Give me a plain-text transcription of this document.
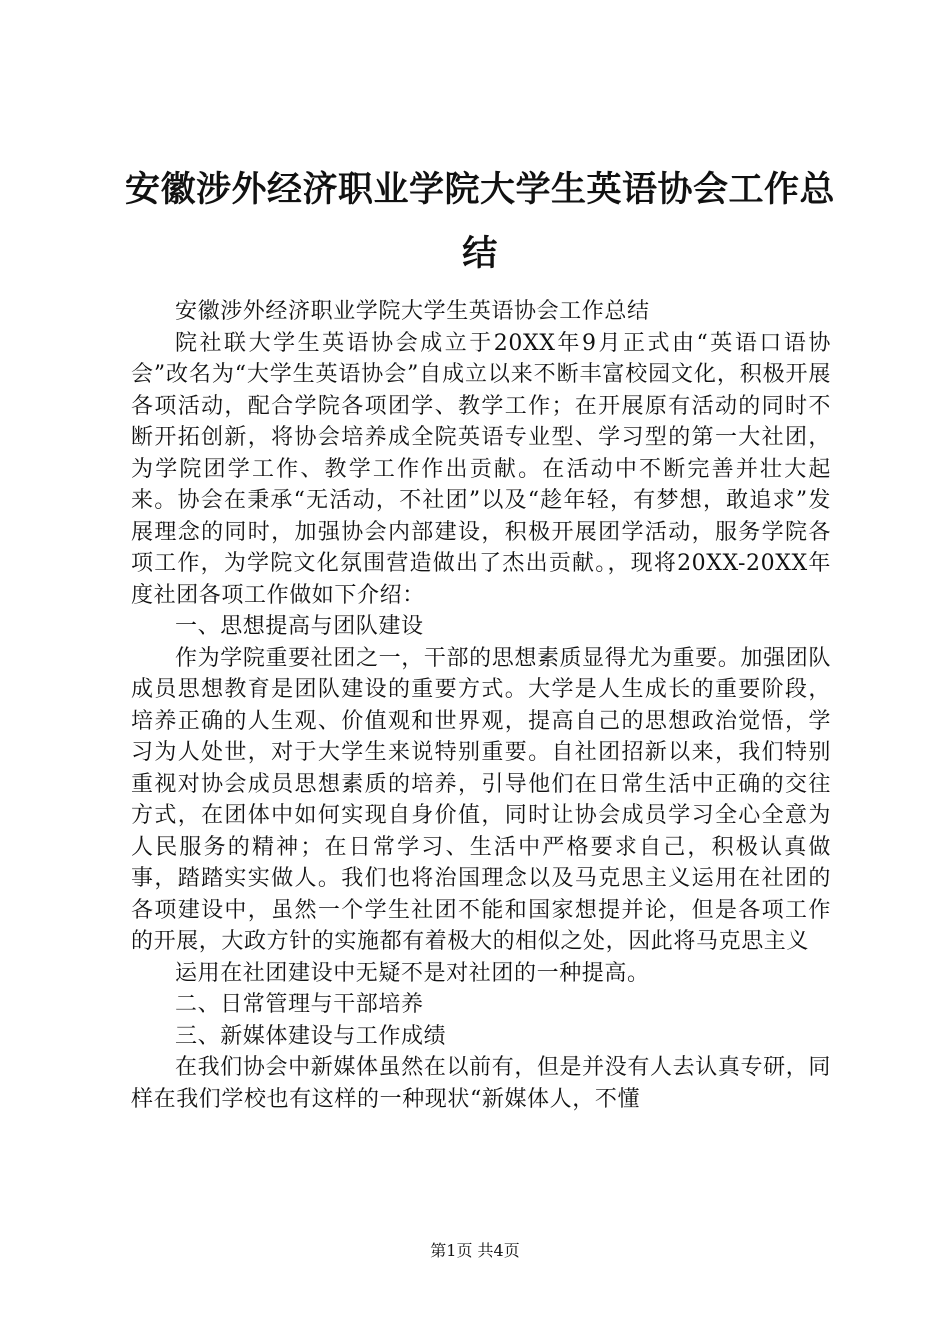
安徽涉外经济职业学院大学生英语协会工作总结

安徽涉外经济职业学院大学生英语协会工作总结

院社联大学生英语协会成立于20XX年9月正式由“英语口语协会”改名为“大学生英语协会”自成立以来不断丰富校园文化，积极开展各项活动，配合学院各项团学、教学工作；在开展原有活动的同时不断开拓创新，将协会培养成全院英语专业型、学习型的第一大社团，为学院团学工作、教学工作作出贡献。在活动中不断完善并壮大起来。协会在秉承“无活动，不社团”以及“趁年轻，有梦想，敢追求”发展理念的同时，加强协会内部建设，积极开展团学活动，服务学院各项工作，为学院文化氛围营造做出了杰出贡献。，现将20XX-20XX年度社团各项工作做如下介绍：

一、思想提高与团队建设

作为学院重要社团之一，干部的思想素质显得尤为重要。加强团队成员思想教育是团队建设的重要方式。大学是人生成长的重要阶段，培养正确的人生观、价值观和世界观，提高自己的思想政治觉悟，学习为人处世，对于大学生来说特别重要。自社团招新以来，我们特别重视对协会成员思想素质的培养，引导他们在日常生活中正确的交往方式，在团体中如何实现自身价值，同时让协会成员学习全心全意为人民服务的精神；在日常学习、生活中严格要求自己，积极认真做事，踏踏实实做人。我们也将治国理念以及马克思主义运用在社团的各项建设中，虽然一个学生社团不能和国家想提并论，但是各项工作的开展，大政方针的实施都有着极大的相似之处，因此将马克思主义

运用在社团建设中无疑不是对社团的一种提高。

二、日常管理与干部培养

三、新媒体建设与工作成绩

在我们协会中新媒体虽然在以前有，但是并没有人去认真专研，同样在我们学校也有这样的一种现状“新媒体人，不懂

第1页 共4页
